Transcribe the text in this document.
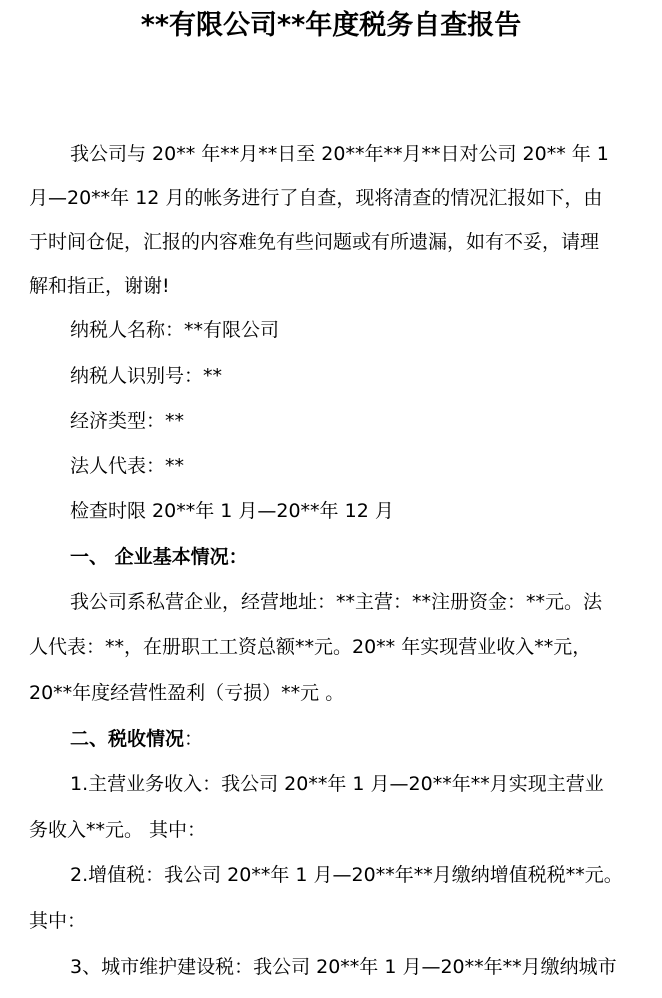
**有限公司**年度税务自查报告
我公司与 20** 年**月**日至 20**年**月**日对公司 20** 年 1
月—20**年 12 月的帐务进行了自查，现将清查的情况汇报如下，由
于时间仓促，汇报的内容难免有些问题或有所遗漏，如有不妥，请理
解和指正，谢谢!
纳税人名称：**有限公司
纳税人识别号：**
经济类型：**
法人代表：**
检查时限 20**年 1 月—20**年 12 月
一、 企业基本情况：
我公司系私营企业，经营地址：**主营：**注册资金：**元。法
人代表：**，在册职工工资总额**元。20** 年实现营业收入**元，
20**年度经营性盈利（亏损）**元 。
二、税收情况：
1.主营业务收入：我公司 20**年 1 月—20**年**月实现主营业
务收入**元。 其中：
2.增值税：我公司 20**年 1 月—20**年**月缴纳增值税税**元。
其中：
3、城市维护建设税：我公司 20**年 1 月—20**年**月缴纳城市
